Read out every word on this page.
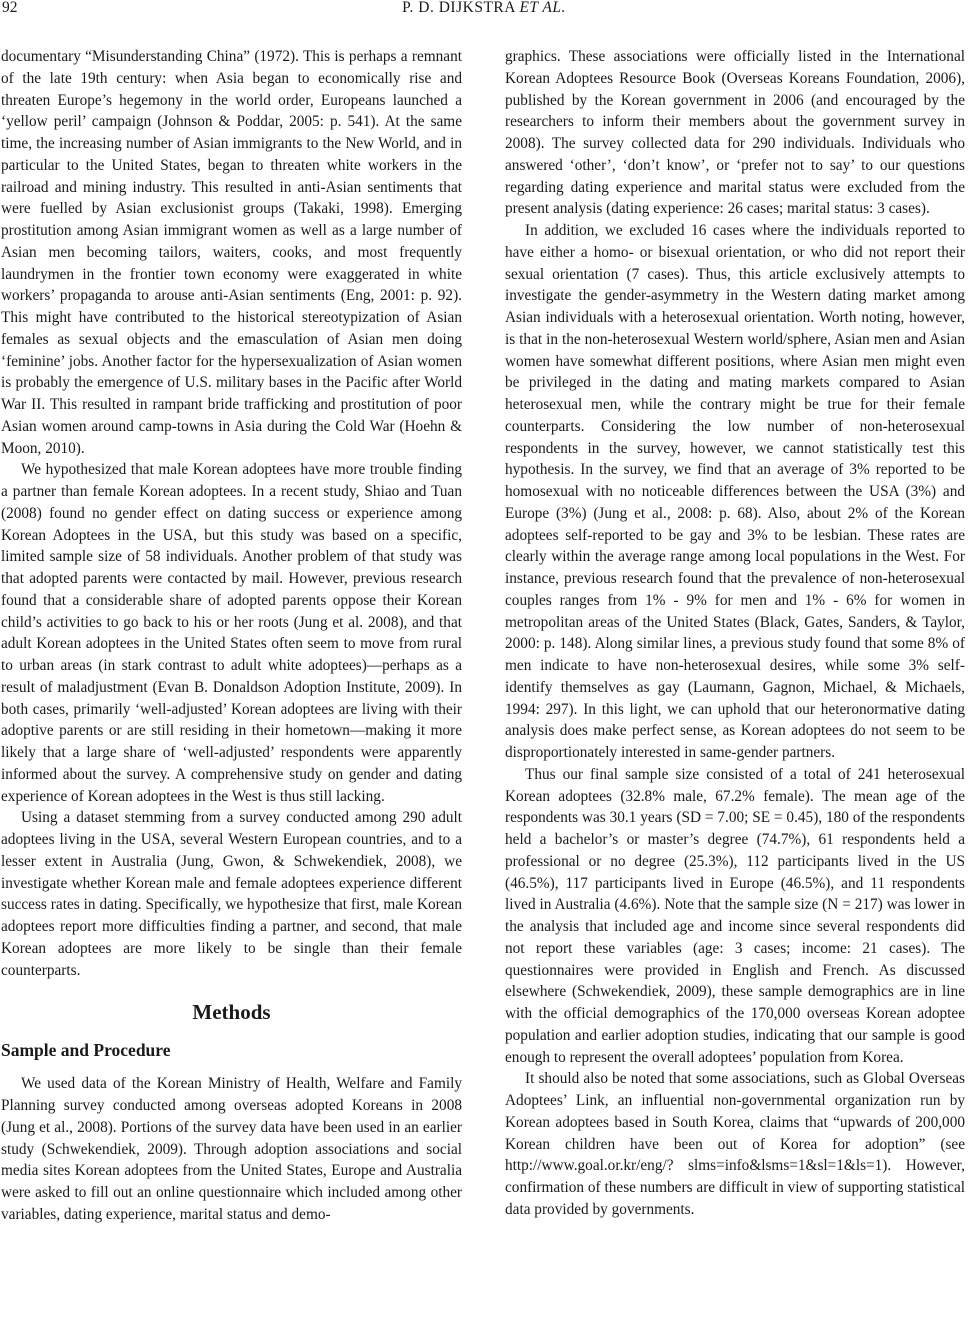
92	P. D. DIJKSTRA ET AL.

documentary “Misunderstanding China” (1972). This is perhaps a remnant of the late 19th century: when Asia began to economically rise and threaten Europe’s hegemony in the world order, Europeans launched a ‘yellow peril’ campaign (Johnson & Poddar, 2005: p. 541). At the same time, the increasing number of Asian immigrants to the New World, and in particular to the United States, began to threaten white workers in the railroad and mining industry. This resulted in anti-Asian sentiments that were fuelled by Asian exclusionist groups (Takaki, 1998). Emerging prostitution among Asian immigrant women as well as a large number of Asian men becoming tailors, waiters, cooks, and most frequently laundrymen in the frontier town economy were exaggerated in white workers’ propaganda to arouse anti-Asian sentiments (Eng, 2001: p. 92). This might have contributed to the historical stereotypization of Asian females as sexual objects and the emasculation of Asian men doing ‘feminine’ jobs. Another factor for the hypersexualization of Asian women is probably the emergence of U.S. military bases in the Pacific after World War II. This resulted in rampant bride trafficking and prostitution of poor Asian women around camp-towns in Asia during the Cold War (Hoehn & Moon, 2010).

We hypothesized that male Korean adoptees have more trouble finding a partner than female Korean adoptees. In a recent study, Shiao and Tuan (2008) found no gender effect on dating success or experience among Korean Adoptees in the USA, but this study was based on a specific, limited sample size of 58 individuals. Another problem of that study was that adopted parents were contacted by mail. However, previous research found that a considerable share of adopted parents oppose their Korean child’s activities to go back to his or her roots (Jung et al. 2008), and that adult Korean adoptees in the United States often seem to move from rural to urban areas (in stark contrast to adult white adoptees)—perhaps as a result of maladjustment (Evan B. Donaldson Adoption Institute, 2009). In both cases, primarily ‘well-adjusted’ Korean adoptees are living with their adoptive parents or are still residing in their hometown—making it more likely that a large share of ‘well-adjusted’ respondents were apparently informed about the survey. A comprehensive study on gender and dating experience of Korean adoptees in the West is thus still lacking.

Using a dataset stemming from a survey conducted among 290 adult adoptees living in the USA, several Western European countries, and to a lesser extent in Australia (Jung, Gwon, & Schwekendiek, 2008), we investigate whether Korean male and female adoptees experience different success rates in dating. Specifically, we hypothesize that first, male Korean adoptees report more difficulties finding a partner, and second, that male Korean adoptees are more likely to be single than their female counterparts.

Methods
Sample and Procedure

We used data of the Korean Ministry of Health, Welfare and Family Planning survey conducted among overseas adopted Koreans in 2008 (Jung et al., 2008). Portions of the survey data have been used in an earlier study (Schwekendiek, 2009). Through adoption associations and social media sites Korean adoptees from the United States, Europe and Australia were asked to fill out an online questionnaire which included among other variables, dating experience, marital status and demo-

graphics. These associations were officially listed in the International Korean Adoptees Resource Book (Overseas Koreans Foundation, 2006), published by the Korean government in 2006 (and encouraged by the researchers to inform their members about the government survey in 2008). The survey collected data for 290 individuals. Individuals who answered ‘other’, ‘don’t know’, or ‘prefer not to say’ to our questions regarding dating experience and marital status were excluded from the present analysis (dating experience: 26 cases; marital status: 3 cases).

In addition, we excluded 16 cases where the individuals reported to have either a homo- or bisexual orientation, or who did not report their sexual orientation (7 cases). Thus, this article exclusively attempts to investigate the gender-asymmetry in the Western dating market among Asian individuals with a heterosexual orientation. Worth noting, however, is that in the non-heterosexual Western world/sphere, Asian men and Asian women have somewhat different positions, where Asian men might even be privileged in the dating and mating markets compared to Asian heterosexual men, while the contrary might be true for their female counterparts. Considering the low number of non-heterosexual respondents in the survey, however, we cannot statistically test this hypothesis. In the survey, we find that an average of 3% reported to be homosexual with no noticeable differences between the USA (3%) and Europe (3%) (Jung et al., 2008: p. 68). Also, about 2% of the Korean adoptees self-reported to be gay and 3% to be lesbian. These rates are clearly within the average range among local populations in the West. For instance, previous research found that the prevalence of non-heterosexual couples ranges from 1% - 9% for men and 1% - 6% for women in metropolitan areas of the United States (Black, Gates, Sanders, & Taylor, 2000: p. 148). Along similar lines, a previous study found that some 8% of men indicate to have non-heterosexual desires, while some 3% self-identify themselves as gay (Laumann, Gagnon, Michael, & Michaels, 1994: 297). In this light, we can uphold that our heteronormative dating analysis does make perfect sense, as Korean adoptees do not seem to be disproportionately interested in same-gender partners.

Thus our final sample size consisted of a total of 241 heterosexual Korean adoptees (32.8% male, 67.2% female). The mean age of the respondents was 30.1 years (SD = 7.00; SE = 0.45), 180 of the respondents held a bachelor’s or master’s degree (74.7%), 61 respondents held a professional or no degree (25.3%), 112 participants lived in the US (46.5%), 117 participants lived in Europe (46.5%), and 11 respondents lived in Australia (4.6%). Note that the sample size (N = 217) was lower in the analysis that included age and income since several respondents did not report these variables (age: 3 cases; income: 21 cases). The questionnaires were provided in English and French. As discussed elsewhere (Schwekendiek, 2009), these sample demographics are in line with the official demographics of the 170,000 overseas Korean adoptee population and earlier adoption studies, indicating that our sample is good enough to represent the overall adoptees’ population from Korea.

It should also be noted that some associations, such as Global Overseas Adoptees’ Link, an influential non-governmental organization run by Korean adoptees based in South Korea, claims that “upwards of 200,000 Korean children have been out of Korea for adoption” (see http://www.goal.or.kr/eng/? slms=info&lsms=1&sl=1&ls=1). However, confirmation of these numbers are difficult in view of supporting statistical data provided by governments.
